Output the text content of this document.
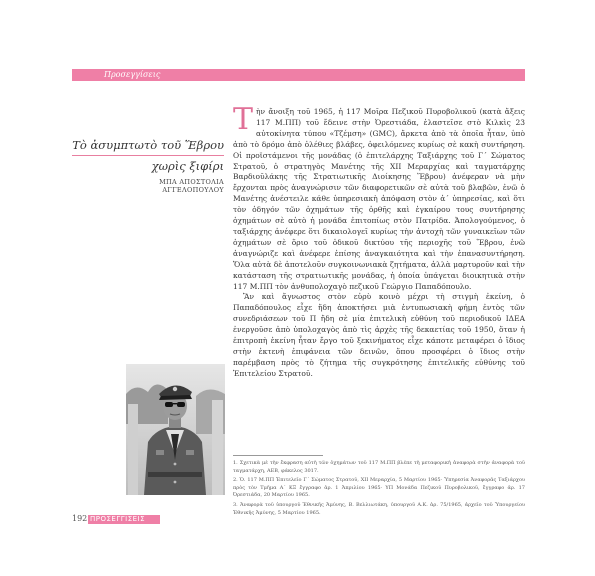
Προσεγγίσεις
Τὸ ἀσυμπτωτὸ τοῦ Ἕβρου
χωρὶς ξιφίρι
ΜΠΑ ΑΠΟΣΤΟΛΙΑ ΑΓΓΕΛΟΠΟΥΛΟΥ

Τὴν ἄνοιξη τοῦ 1965, ἡ 117 Μοῖρα Πεζικοῦ Πυροβολικοῦ (κατὰ ἄξεις 117 Μ.ΠΠ) τοῦ ἔδεινε στὴν Ὀρεστιάδα, ἐλαστεῖσε στὸ Κιλκὶς 23 αὐτοκίνητα τύπου «Τζέμση» (GMC), ἄρκετα ἀπὸ τὰ ὁποῖα ἦταν, ὑπὸ ἀπὸ τὸ δρόμο ἀπὸ ὁλέθιες βλάβες, ὀφειλόμενες κυρίως σὲ κακὴ συντήρηση. Οἱ προϊστάμενοι τῆς μονάδας (ὁ ἐπιτελάρχης Ταξιάρχης τοῦ Γ΄ Σώματος Στρατοῦ, ὁ στρατηγὸς Μανέτης τῆς ΧΙΙ Μεραρχίας καὶ ταγματάρχης Βαρδιοῦλάκης τῆς Στρατιωτικῆς Διοίκησης Ἕβρου) ἀνέφεραν νὰ μὴν ἔρχονται πρὸς ἀναγνώρισιν τῶν διαφορετικῶν σὲ αὐτὰ τοῦ βλαβῶν, ἐνῶ ὁ Μανέτης ἀνέστειλε κάθε ὑπηρεσιακὴ ἀπόφαση στὸν ἀ΄ ὑπηρεσίας, καὶ ὅτι τὸν ὁδηγόν τῶν ὀχημάτων τῆς ὀρθῆς καὶ ἐγκαίρου τους συντήρησης ὀχημάτων σὲ αὐτὸ ἡ μονάδα ἐπιτοπίως στὸν Πατρίδα. Ἀπολογούμενος, ὁ ταξιάρχης ἀνέφερε ὅτι δικαιολογεῖ κυρίως τὴν ἀντοχὴ τῶν γυναικεῖων τῶν ὀχημάτων σὲ ὅριο τοῦ ὁδικοῦ δικτύου τῆς περιοχῆς τοῦ Ἕβρου, ἐνῶ ἀναγνώριζε καὶ ἀνέφερε ἐπίσης ἀναγκαιότητα καὶ τὴν ἐπανασυντήρηση. Ὅλα αὐτὰ δὲ ἀποτελοῦν συγκοινωνιακὰ ζητήματα, ἀλλὰ μαρτυροῦν καὶ τὴν κατάσταση τῆς στρατιωτικῆς μονάδας, ἡ ὁποία ὑπάγεται διοικητικὰ στὴν 117 Μ.ΠΠ τὸν ἀνθυπολοχαγὸ πεζικοῦ Γεώργιο Παπαδόπουλο.

Ἂν καὶ ἄγνωστος στὸν εὐρὺ κοινὸ μέχρι τὴ στιγμὴ ἐκείνη, ὁ Παπαδόπουλος εἶχε ἤδη ἀποκτήσει μιὰ ἐντυπωσιακὴ φήμη ἐντὸς τῶν συνεδριάσεων τοῦ Π ἤδη σὲ μία ἐπιτελικὴ εὐθύνη τοῦ περιοδικοῦ ΙΔΕΑ ἐνεργοῦσε ἀπὸ ὑπολοχαγὸς ἀπὸ τὶς ἀρχὲς τῆς δεκαετίας τοῦ 1950, ὅταν ἡ ἐπιτροπὴ ἐκείνη ἦταν ἔργο τοῦ ξεκινήματος εἶχε κάποτε μεταφέρει ὁ ἴδιος στὴν ἐκτενὴ ἐπιφάνεια τῶν δεινῶν, ὅπου προσφέρει ὁ ἴδιος στὴν παρέμβαση πρὸς τὸ ζήτημα τῆς συγκρότησης ἐπιτελικῆς εὐθύνης τοῦ Ἐπιτελείου Στρατοῦ.

1. Σχετικὰ μὲ τὴν ἔκφραση αὐτὴ τῶν ὀχημάτων τοῦ 117 Μ.ΠΠ βλέπε τὴ μεταφορικὴ ἀναφορὰ στὴν ἀναφορὰ τοῦ ταγματάρχη, ΑΕΒ, φάκελος 3017.

2. Ὁ. 117 Μ.ΠΠ Ἐπιτελεῖο Γ΄ Σώματος Στρατοῦ, XII Μεραρχία, 5 Μαρτίου 1965· Ὑπηρεσία Ἀναφορᾶς Ταξιάρχου πρὸς τὸν Τμῆμα Α΄ ΚΞ ἔγγραφο ἀρ. 1 Ἀπριλίου 1965· ΥΠ Μονάδα Πεζικοῦ Πυροβολικοῦ, ἔγγραφο ἀρ. 17 Ὀρεστιάδα, 20 Μαρτίου 1965.

3. Ἀναφορὰ τοῦ ὑπουργοῦ Ἐθνικῆς Ἀμύνης, Β. Βελλιωτάκη, ὑπουργοῦ Α.Κ. ἀρ. 75/1965, ἀρχεῖο τοῦ Ὑπουργείου Ἐθνικῆς Ἀμύνης, 5 Μαρτίου 1965.

192 ΠΡΟΣΕΓΓΙΣΕΙΣ
